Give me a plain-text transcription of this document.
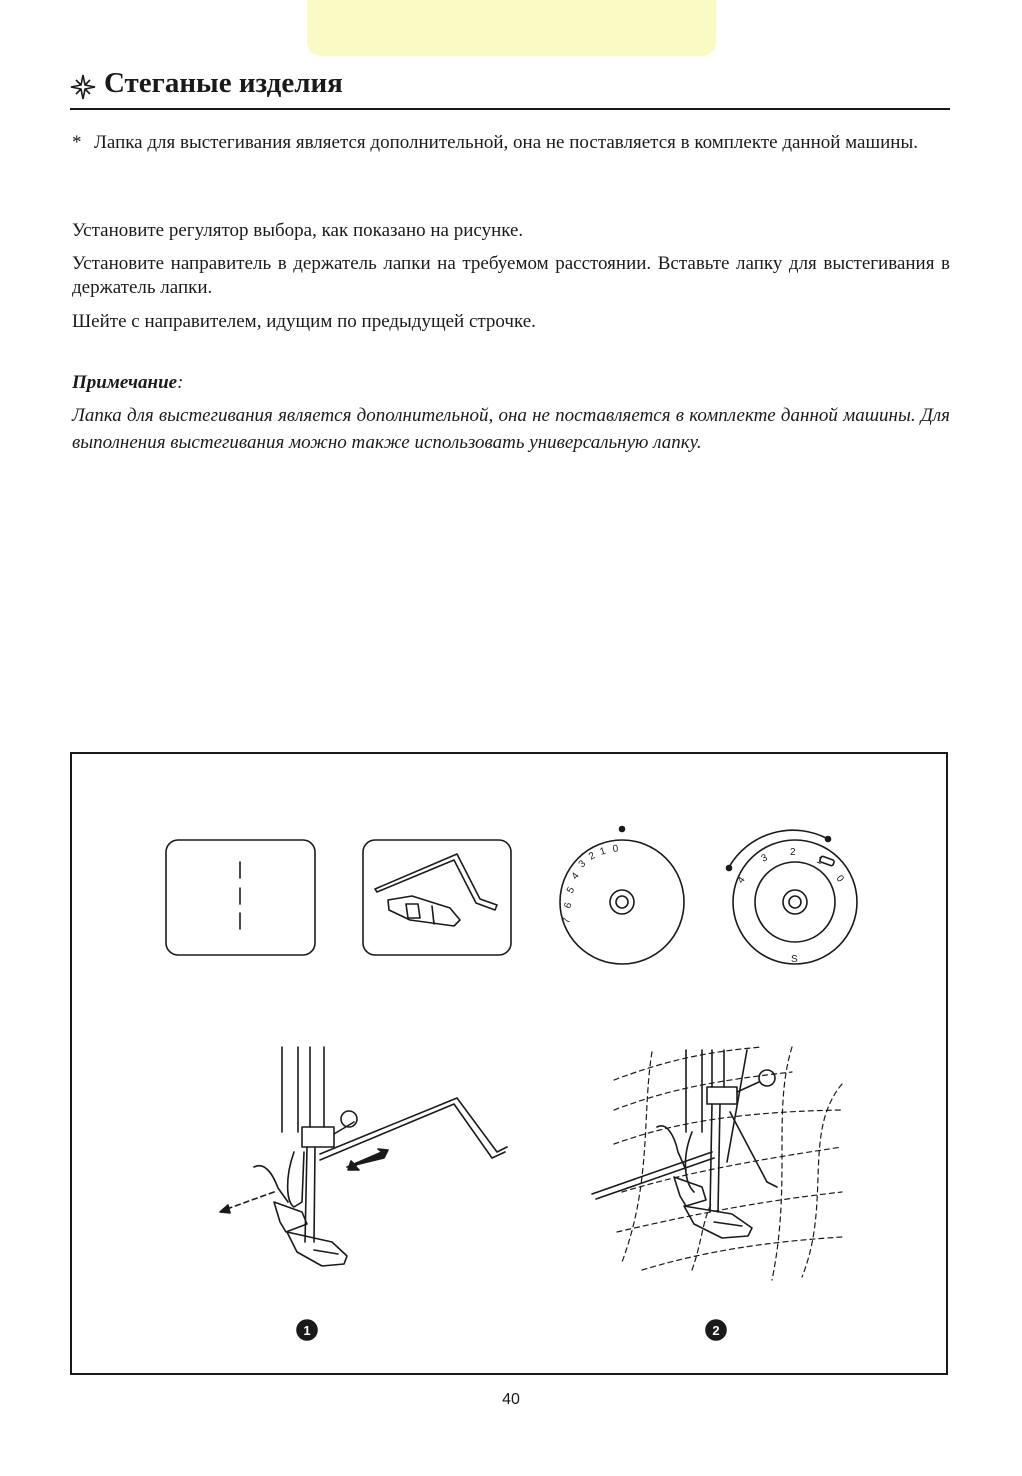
Стеганые изделия
* Лапка для выстегивания является дополнительной, она не поставляется в комплекте данной машины.
Установите регулятор выбора, как показано на рисунке.
Установите направитель в держатель лапки на требуемом расстоянии. Вставьте лапку для выстегивания в держатель лапки.
Шейте с направителем, идущим по предыдущей строчке.
Примечание:
Лапка для выстегивания является дополнительной, она не поставляется в комплекте данной машины. Для выполнения выстегивания можно также использовать универсальную лапку.
7
6
5
4
3
2 1 0
4
3 2
1
0
S
1	2
40
